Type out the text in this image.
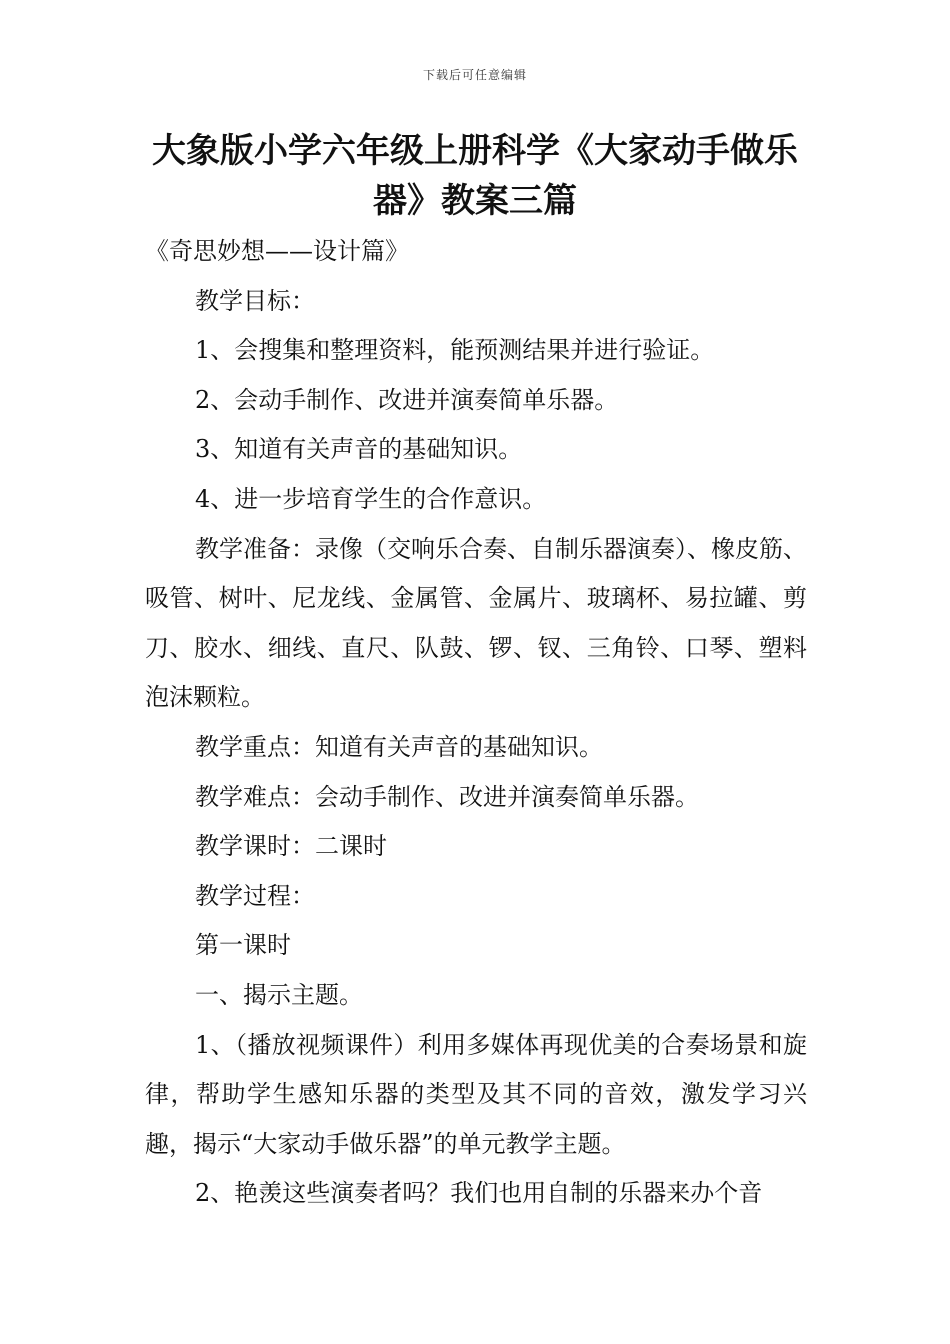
下载后可任意编辑
大象版小学六年级上册科学《大家动手做乐器》教案三篇

《奇思妙想——设计篇》

教学目标：

1、会搜集和整理资料，能预测结果并进行验证。

2、会动手制作、改进并演奏简单乐器。

3、知道有关声音的基础知识。

4、进一步培育学生的合作意识。

教学准备：录像（交响乐合奏、自制乐器演奏）、橡皮筋、吸管、树叶、尼龙线、金属管、金属片、玻璃杯、易拉罐、剪刀、胶水、细线、直尺、队鼓、锣、钗、三角铃、口琴、塑料泡沫颗粒。

教学重点：知道有关声音的基础知识。

教学难点：会动手制作、改进并演奏简单乐器。

教学课时：二课时

教学过程：

第一课时

一、揭示主题。

1、（播放视频课件）利用多媒体再现优美的合奏场景和旋律，帮助学生感知乐器的类型及其不同的音效，激发学习兴趣，揭示“大家动手做乐器”的单元教学主题。

2、艳羡这些演奏者吗？我们也用自制的乐器来办个音
